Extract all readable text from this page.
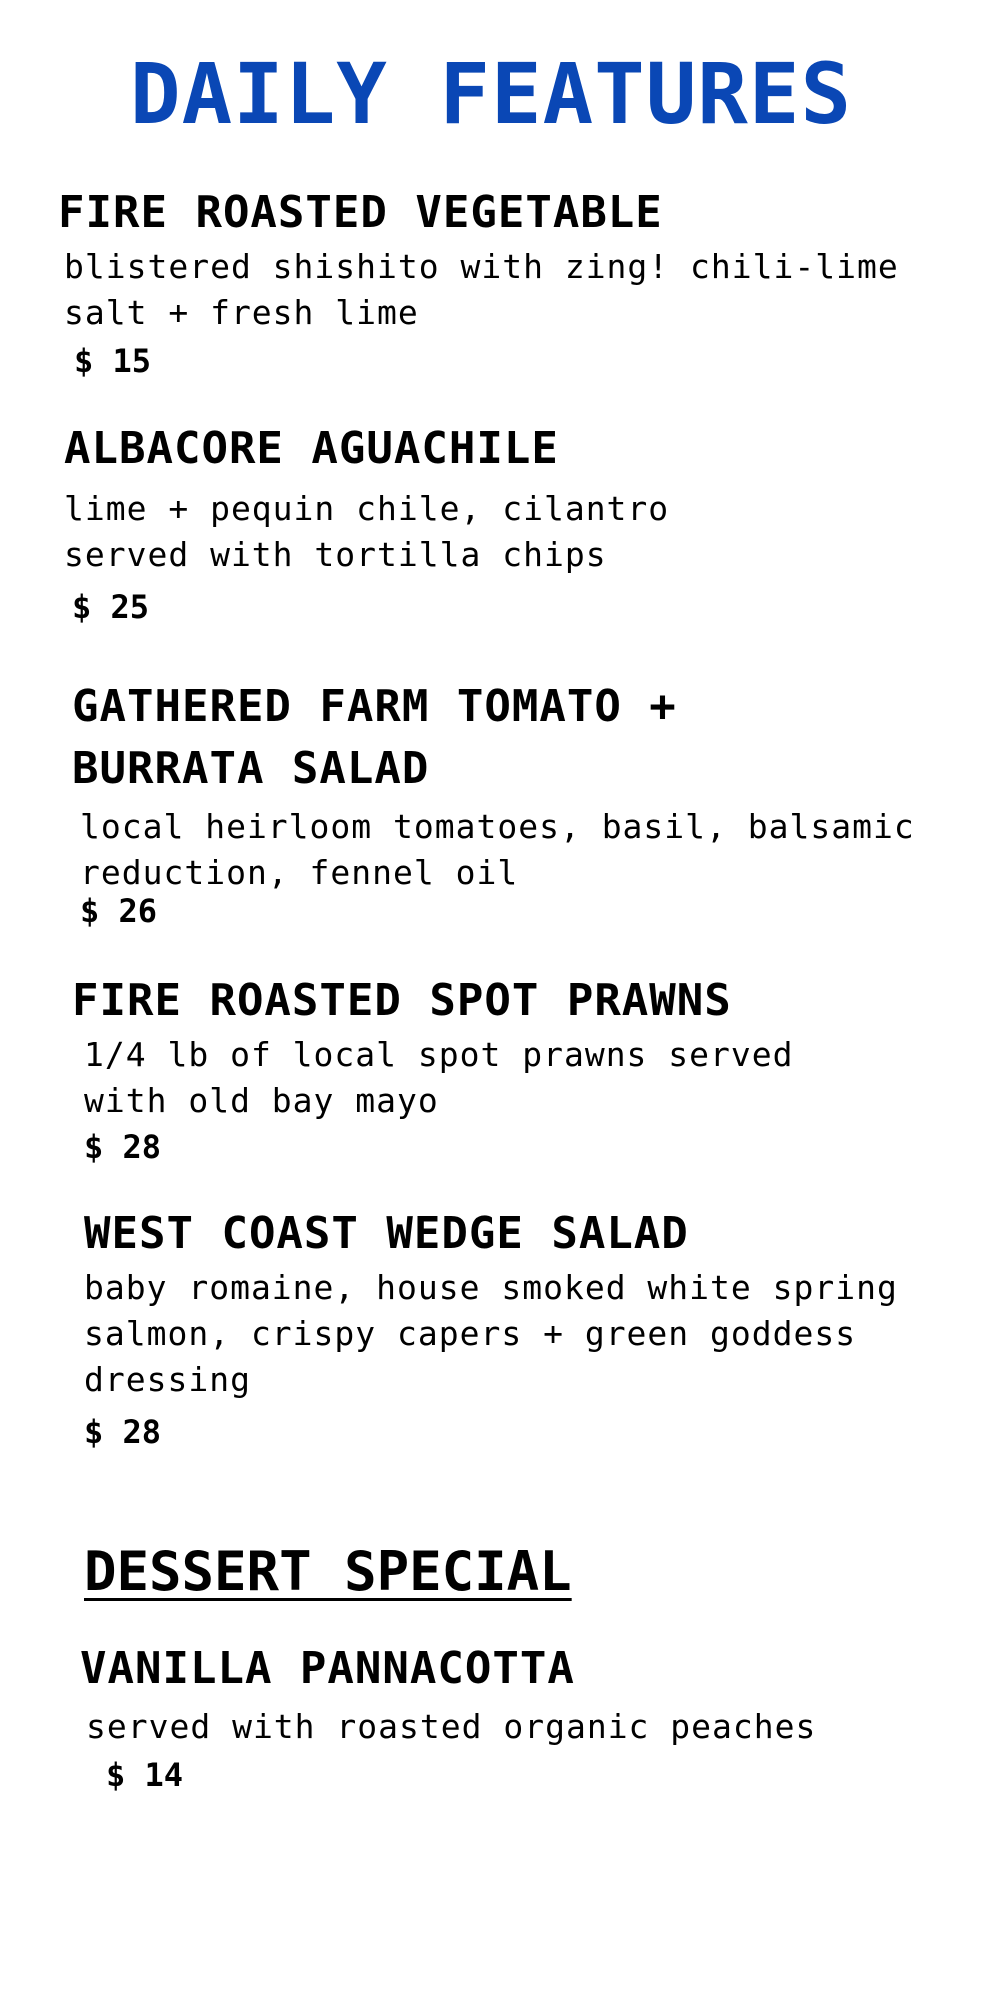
DAILY FEATURES
FIRE ROASTED VEGETABLE
blistered shishito with zing! chili-lime
salt + fresh lime
$ 15
ALBACORE AGUACHILE
lime + pequin chile, cilantro
served with tortilla chips
$ 25
GATHERED FARM TOMATO +
BURRATA SALAD
local heirloom tomatoes, basil, balsamic
reduction, fennel oil
$ 26
FIRE ROASTED SPOT PRAWNS
1/4 lb of local spot prawns served
with old bay mayo
$ 28
WEST COAST WEDGE SALAD
baby romaine, house smoked white spring
salmon, crispy capers + green goddess
dressing
$ 28
DESSERT SPECIAL
VANILLA PANNACOTTA
served with roasted organic peaches
$ 14
